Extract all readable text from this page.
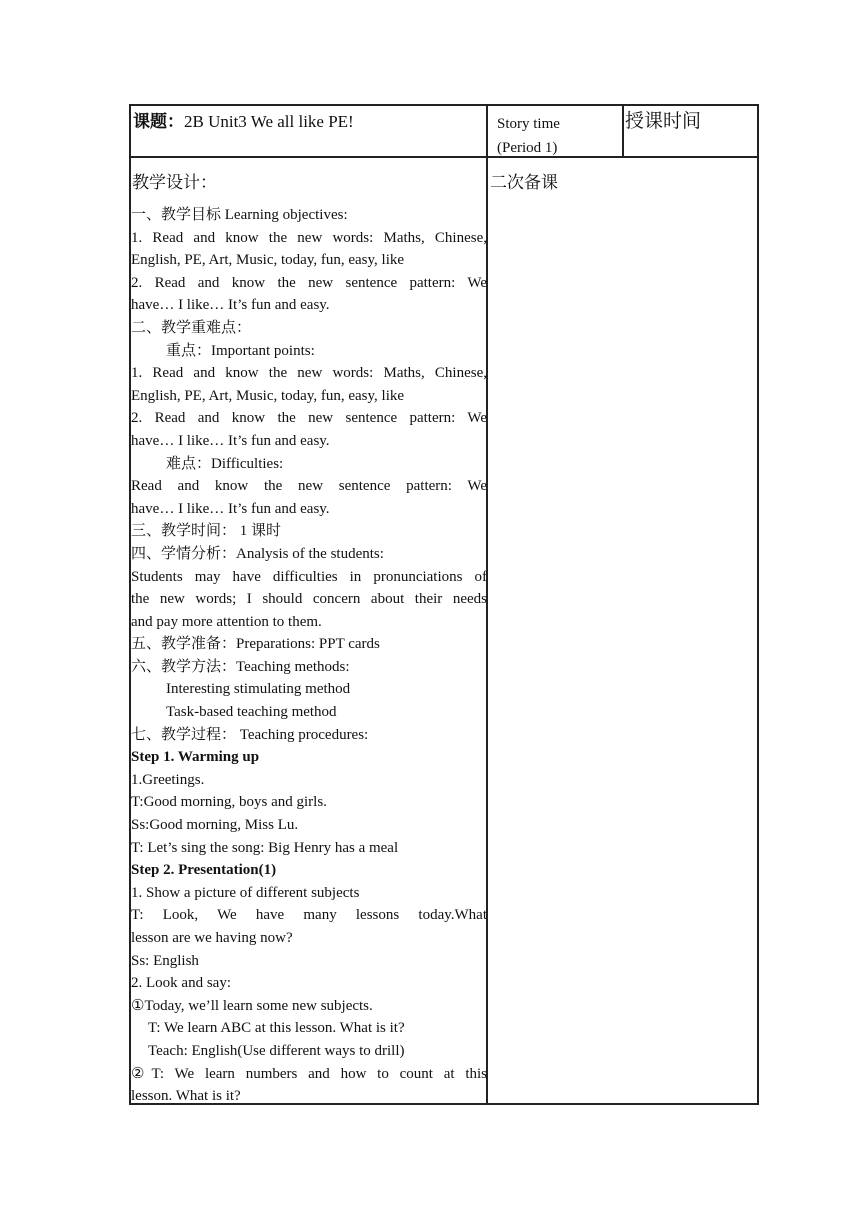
课题：2B Unit3 We all like PE!	Story time
(Period 1)
授课时间
教学设计：	二次备课
一、教学目标 Learning objectives:
1. Read and know the new words: Maths, Chinese,
English, PE, Art, Music, today, fun, easy, like
2. Read and know the new sentence pattern: We
have… I like… It’s fun and easy.
二、教学重难点：
重点：Important points:
1. Read and know the new words: Maths, Chinese,
English, PE, Art, Music, today, fun, easy, like
2. Read and know the new sentence pattern: We
have… I like… It’s fun and easy.
难点：Difficulties:
Read and know the new sentence pattern: We
have… I like… It’s fun and easy.
三、教学时间： 1 课时
四、学情分析：Analysis of the students:
Students may have difficulties in pronunciations of
the new words; I should concern about their needs
and pay more attention to them.
五、教学准备：Preparations: PPT cards
六、教学方法：Teaching methods:
Interesting stimulating method
Task-based teaching method
七、教学过程： Teaching procedures:
Step 1. Warming up
1.Greetings.
T:Good morning, boys and girls.
Ss:Good morning, Miss Lu.
T: Let’s sing the song: Big Henry has a meal
Step 2. Presentation(1)
1. Show a picture of different subjects
T: Look, We have many lessons today.What
lesson are we having now?
Ss: English
2. Look and say:
①Today, we’ll learn some new subjects.
T: We learn ABC at this lesson. What is it?
Teach: English(Use different ways to drill)
②T: We learn numbers and how to count at this
lesson. What is it?
